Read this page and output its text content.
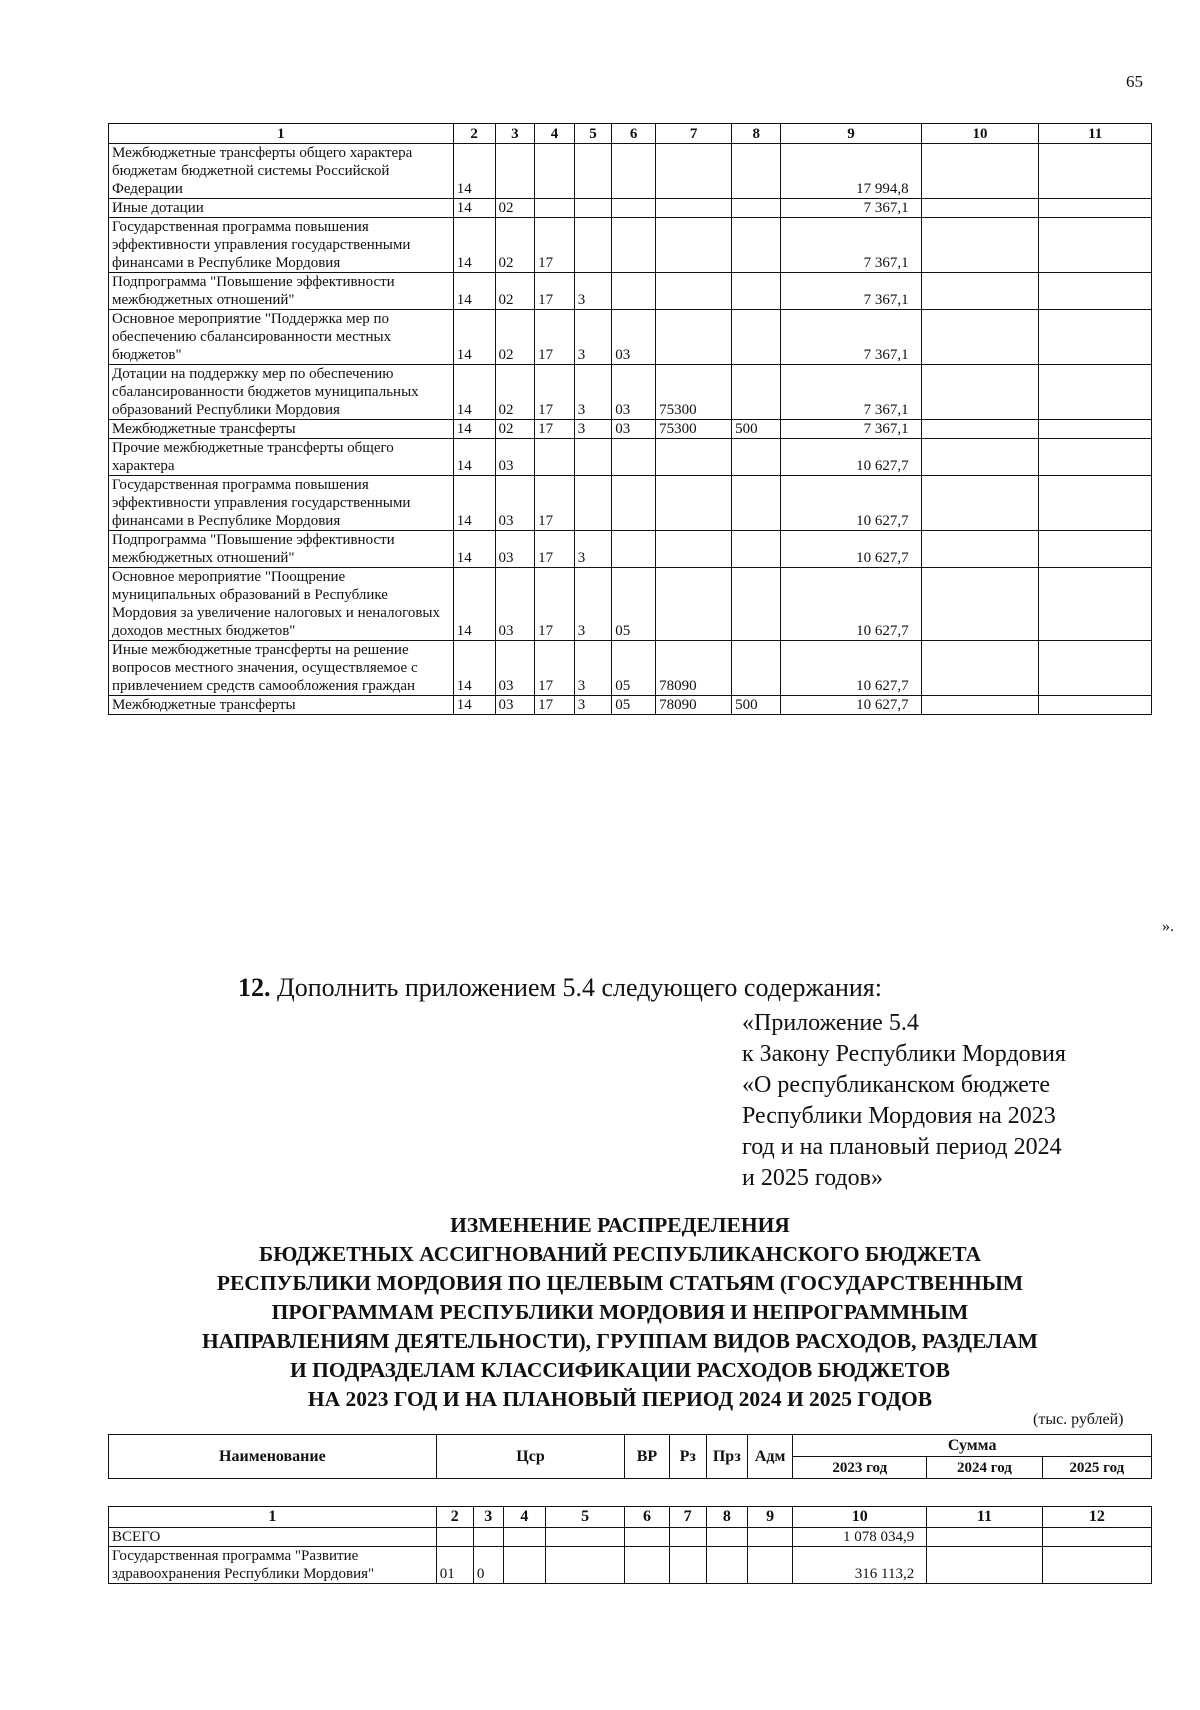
65
1	2	3	4	5	6	7	8	9	10	11
Межбюджетные трансферты общего характера бюджетам бюджетной системы Российской Федерации	14							17 994,8		
Иные дотации	14	02						7 367,1		
Государственная программа повышения эффективности управления государственными финансами в Республике Мордовия	14	02	17					7 367,1		
Подпрограмма "Повышение эффективности межбюджетных отношений"	14	02	17	3				7 367,1		
Основное мероприятие "Поддержка мер по обеспечению сбалансированности местных бюджетов"	14	02	17	3	03			7 367,1		
Дотации на поддержку мер по обеспечению сбалансированности бюджетов муниципальных образований Республики Мордовия	14	02	17	3	03	75300		7 367,1		
Межбюджетные трансферты	14	02	17	3	03	75300	500	7 367,1		
Прочие межбюджетные трансферты общего характера	14	03						10 627,7		
Государственная программа повышения эффективности управления государственными финансами в Республике Мордовия	14	03	17					10 627,7		
Подпрограмма "Повышение эффективности межбюджетных отношений"	14	03	17	3				10 627,7		
Основное мероприятие "Поощрение муниципальных образований в Республике Мордовия за увеличение налоговых и неналоговых доходов местных бюджетов"	14	03	17	3	05			10 627,7		
Иные межбюджетные трансферты на решение вопросов местного значения, осуществляемое с привлечением средств самообложения граждан	14	03	17	3	05	78090		10 627,7		
Межбюджетные трансферты	14	03	17	3	05	78090	500	10 627,7		
».
12. Дополнить приложением 5.4 следующего содержания:
«Приложение 5.4
к Закону Республики Мордовия
«О республиканском бюджете
Республики Мордовия на 2023
год и на плановый период 2024
и 2025 годов»
ИЗМЕНЕНИЕ РАСПРЕДЕЛЕНИЯ
БЮДЖЕТНЫХ АССИГНОВАНИЙ РЕСПУБЛИКАНСКОГО БЮДЖЕТА
РЕСПУБЛИКИ МОРДОВИЯ ПО ЦЕЛЕВЫМ СТАТЬЯМ (ГОСУДАРСТВЕННЫМ
ПРОГРАММАМ РЕСПУБЛИКИ МОРДОВИЯ И НЕПРОГРАММНЫМ
НАПРАВЛЕНИЯМ ДЕЯТЕЛЬНОСТИ), ГРУППАМ ВИДОВ РАСХОДОВ, РАЗДЕЛАМ
И ПОДРАЗДЕЛАМ КЛАССИФИКАЦИИ РАСХОДОВ БЮДЖЕТОВ
НА 2023 ГОД И НА ПЛАНОВЫЙ ПЕРИОД 2024 И 2025 ГОДОВ
(тыс. рублей)
Наименование	Цср	ВР	Рз	Прз	Адм	Сумма		
						2023 год	2024 год	2025 год
1	2	3	4	5	6	7	8	9	10	11	12
ВСЕГО									1 078 034,9		
Государственная программа "Развитие здравоохранения Республики Мордовия"	01	0							316 113,2		
